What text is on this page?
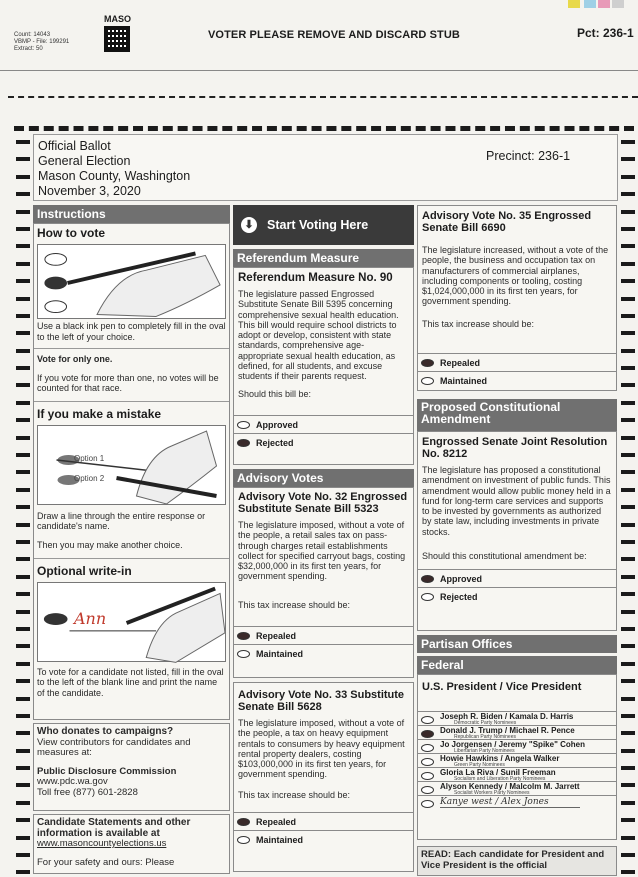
Count: 14043
VBMP - File: 199291
Extract: 50
MASO
VOTER PLEASE REMOVE AND DISCARD STUB	Pct: 236-1
Official Ballot
General Election
Mason County, Washington
November 3, 2020
Precinct: 236-1
Instructions
How to vote
Use a black ink pen to completely fill in the oval to the left of your choice.
Vote for only one.
If you vote for more than one, no votes will be counted for that race.
If you make a mistake
Option 1
Option 2
Draw a line through the entire response or candidate's name.
Then you may make another choice.
Optional write-in
Ann
To vote for a candidate not listed, fill in the oval to the left of the blank line and print the name of the candidate.
Who donates to campaigns?
View contributors for candidates and measures at:
Public Disclosure Commission
www.pdc.wa.gov
Toll free (877) 601-2828
Candidate Statements and other information is available at
www.masoncountyelections.us
For your safety and ours: Please
⬇ Start Voting Here
Referendum Measure
Referendum Measure No. 90
The legislature passed Engrossed Substitute Senate Bill 5395 concerning comprehensive sexual health education. This bill would require school districts to adopt or develop, consistent with state standards, comprehensive age-appropriate sexual health education, as defined, for all students, and excuse students if their parents request.
Should this bill be:
Approved
Rejected
Advisory Votes
Advisory Vote No. 32 Engrossed Substitute Senate Bill 5323
The legislature imposed, without a vote of the people, a retail sales tax on pass-through charges retail establishments collect for specified carryout bags, costing $32,000,000 in its first ten years, for government spending.
This tax increase should be:
Repealed
Maintained
Advisory Vote No. 33 Substitute Senate Bill 5628
The legislature imposed, without a vote of the people, a tax on heavy equipment rentals to consumers by heavy equipment rental property dealers, costing $103,000,000 in its first ten years, for government spending.
This tax increase should be:
Repealed
Maintained
Advisory Vote No. 35 Engrossed Senate Bill 6690
The legislature increased, without a vote of the people, the business and occupation tax on manufacturers of commercial airplanes, including components or tooling, costing $1,024,000,000 in its first ten years, for government spending.
This tax increase should be:
Repealed
Maintained
Proposed Constitutional Amendment
Engrossed Senate Joint Resolution No. 8212
The legislature has proposed a constitutional amendment on investment of public funds. This amendment would allow public money held in a fund for long-term care services and supports to be invested by governments as authorized by state law, including investments in private stocks.
Should this constitutional amendment be:
Approved
Rejected
Partisan Offices
Federal
U.S. President / Vice President
Joseph R. Biden / Kamala D. Harris
Democratic Party Nominees
Donald J. Trump / Michael R. Pence
Republican Party Nominees
Jo Jorgensen / Jeremy "Spike" Cohen
Libertarian Party Nominees
Howie Hawkins / Angela Walker
Green Party Nominees
Gloria La Riva / Sunil Freeman
Socialism and Liberation Party Nominees
Alyson Kennedy / Malcolm M. Jarrett
Socialist Workers Party Nominees
Kanye west / Alex Jones
READ: Each candidate for President and Vice President is the official
